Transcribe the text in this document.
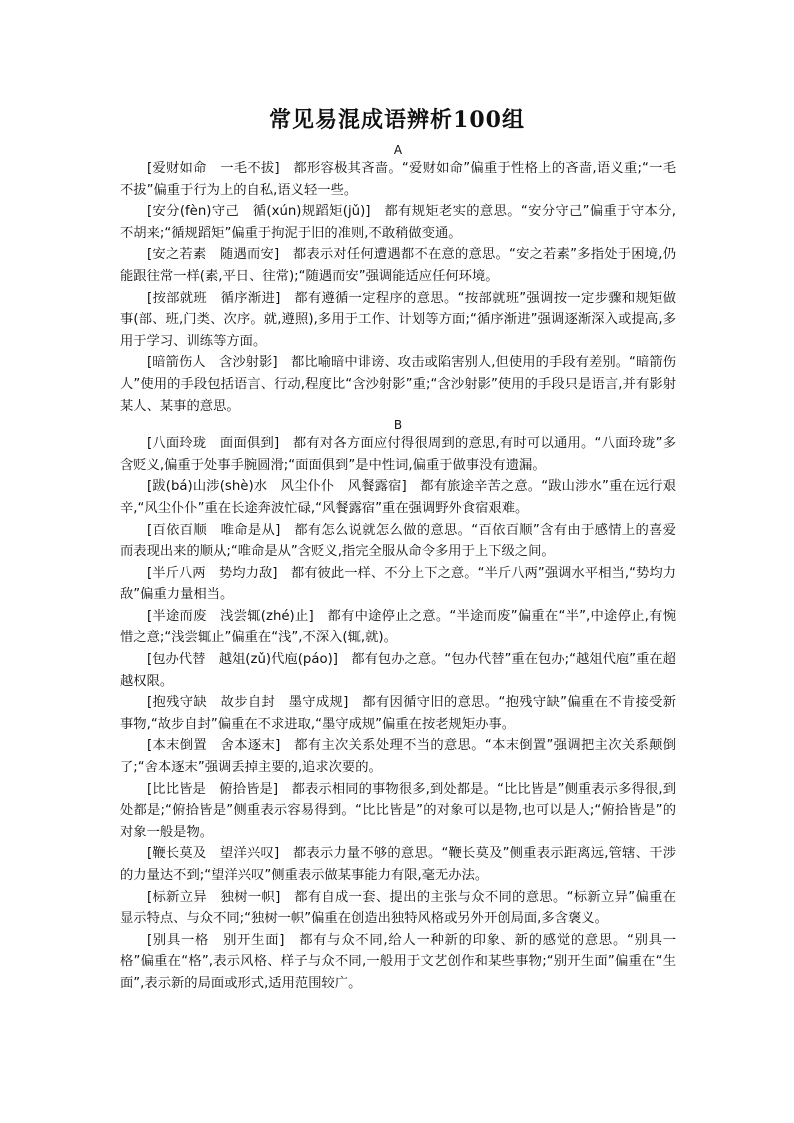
常见易混成语辨析100组
A

[爱财如命　一毛不拔]　都形容极其吝啬。“爱财如命”偏重于性格上的吝啬,语义重;“一毛不拔”偏重于行为上的自私,语义轻一些。

[安分(fèn)守己　循(xún)规蹈矩(jǔ)]　都有规矩老实的意思。“安分守己”偏重于守本分,不胡来;“循规蹈矩”偏重于拘泥于旧的准则,不敢稍做变通。

[安之若素　随遇而安]　都表示对任何遭遇都不在意的意思。“安之若素”多指处于困境,仍能跟往常一样(素,平日、往常);“随遇而安”强调能适应任何环境。

[按部就班　循序渐进]　都有遵循一定程序的意思。“按部就班”强调按一定步骤和规矩做事(部、班,门类、次序。就,遵照),多用于工作、计划等方面;“循序渐进”强调逐渐深入或提高,多用于学习、训练等方面。

[暗箭伤人　含沙射影]　都比喻暗中诽谤、攻击或陷害别人,但使用的手段有差别。“暗箭伤人”使用的手段包括语言、行动,程度比“含沙射影”重;“含沙射影”使用的手段只是语言,并有影射某人、某事的意思。

B

[八面玲珑　面面俱到]　都有对各方面应付得很周到的意思,有时可以通用。“八面玲珑”多含贬义,偏重于处事手腕圆滑;“面面俱到”是中性词,偏重于做事没有遗漏。

[跋(bá)山涉(shè)水　风尘仆仆　风餐露宿]　都有旅途辛苦之意。“跋山涉水”重在远行艰辛,“风尘仆仆”重在长途奔波忙碌,“风餐露宿”重在强调野外食宿艰难。

[百依百顺　唯命是从]　都有怎么说就怎么做的意思。“百依百顺”含有由于感情上的喜爱而表现出来的顺从;“唯命是从”含贬义,指完全服从命令多用于上下级之间。

[半斤八两　势均力敌]　都有彼此一样、不分上下之意。“半斤八两”强调水平相当,“势均力敌”偏重力量相当。

[半途而废　浅尝辄(zhé)止]　都有中途停止之意。“半途而废”偏重在“半”,中途停止,有惋惜之意;“浅尝辄止”偏重在“浅”,不深入(辄,就)。

[包办代替　越俎(zǔ)代庖(páo)]　都有包办之意。“包办代替”重在包办;“越俎代庖”重在超越权限。

[抱残守缺　故步自封　墨守成规]　都有因循守旧的意思。“抱残守缺”偏重在不肯接受新事物,“故步自封”偏重在不求进取,“墨守成规”偏重在按老规矩办事。

[本末倒置　舍本逐末]　都有主次关系处理不当的意思。“本末倒置”强调把主次关系颠倒了;“舍本逐末”强调丢掉主要的,追求次要的。

[比比皆是　俯拾皆是]　都表示相同的事物很多,到处都是。“比比皆是”侧重表示多得很,到处都是;“俯拾皆是”侧重表示容易得到。“比比皆是”的对象可以是物,也可以是人;“俯拾皆是”的对象一般是物。

[鞭长莫及　望洋兴叹]　都表示力量不够的意思。“鞭长莫及”侧重表示距离远,管辖、干涉的力量达不到;“望洋兴叹”侧重表示做某事能力有限,毫无办法。

[标新立异　独树一帜]　都有自成一套、提出的主张与众不同的意思。“标新立异”偏重在显示特点、与众不同;“独树一帜”偏重在创造出独特风格或另外开创局面,多含褒义。

[别具一格　别开生面]　都有与众不同,给人一种新的印象、新的感觉的意思。“别具一格”偏重在“格”,表示风格、样子与众不同,一般用于文艺创作和某些事物;“别开生面”偏重在“生面”,表示新的局面或形式,适用范围较广。
